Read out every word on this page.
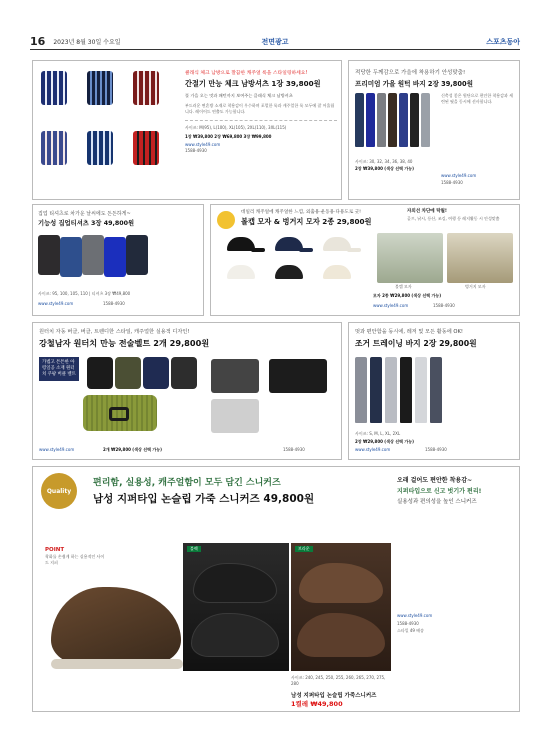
16 2023년 8월 30일 수요일	전면광고	스포츠동아
클래식 체크 남방으로 깔끔한 캐주얼 룩을 스타일링하세요!
간절기 만능 체크 남방셔츠 1장 39,800원
폴 가을 오는 멋과 패턴까지 보여주는 클래식 체크 남방셔츠
부드러운 면혼방 소재로 착용감이 우수하며 포멀한 룩과 캐주얼한 룩 모두에 잘 어울립니다. 레이어드 연출도 가능합니다.
사이즈: M(95), L(100), XL(105), 2XL(110), 3XL(115)
1장 ₩39,800 2장 ₩69,800 3장 ₩99,800
www.style49.com
1588-4930
적당한 두께감으로 가을에 착용하기 안성맞춤!
프리미엄 가을 원턱 바지 2장 39,800원
신축성 좋은 원단으로 편안한 착용감과 세련된 핏을 동시에 선사합니다.
사이즈: 30, 32, 34, 36, 38, 40
2장 ₩39,800 (색상 선택 가능)
www.style49.com
1588-4930
집업 티셔츠로 차가운 날씨에도 든든하게~
기능성 집업티셔츠 3장 49,800원
사이즈: 95, 100, 105, 110 | 티셔츠 3장 ₩49,800
www.style49.com	1588-4930
데일리 캐주얼에 캐주얼한 느낌, 외출용·운동용·다용도로 굿!
볼캡 모자 & 벙거지 모자 2종 29,800원
자외선 차단에 탁월!
골프, 낚시, 등산, 조깅, 여행 등 레저활동 시 안성맞춤
볼캡 모자	벙거지 모자
모자 2종 ₩29,800 (색상 선택 가능)
www.style49.com	1588-4930
원터치 자동 버클, 버클, 트렌디한 스타일, 캐주얼한 실용적 디자인!
강철남자 원터치 만능 전술벨트 2개 29,800원
가볍고 튼튼한 아령일공 소재 원터치 쿠팡 버클 벨트
www.style49.com	2개 ₩29,800 (색상 선택 가능)	1588-4930
멋과 편안함을 동시에, 레저 및 모든 활동에 OK!
조거 트레이닝 바지 2장 29,800원
사이즈: S, M, L, XL, 2XL
2장 ₩29,800 (색상 선택 가능)
www.style49.com	1588-4930
Quality
편리함, 실용성, 캐주얼함이 모두 담긴 스니커즈
남성 지퍼타입 논슬립 가죽 스니커즈 49,800원
오래 걸어도 편안한 착용감~
지퍼타입으로 신고 벗기가 편리!
실용성과 편의성을 높인 스니커즈
www.style49.com
1588-4930
스타일 49 배송
POINT
착화를 손쉽게 하는 실용적인 사이드 지퍼
블랙	브라운
사이즈: 240, 245, 250, 255, 260, 265, 270, 275, 280
남성 지퍼타입 논슬립 가죽스니커즈
1켤레 ₩49,800
